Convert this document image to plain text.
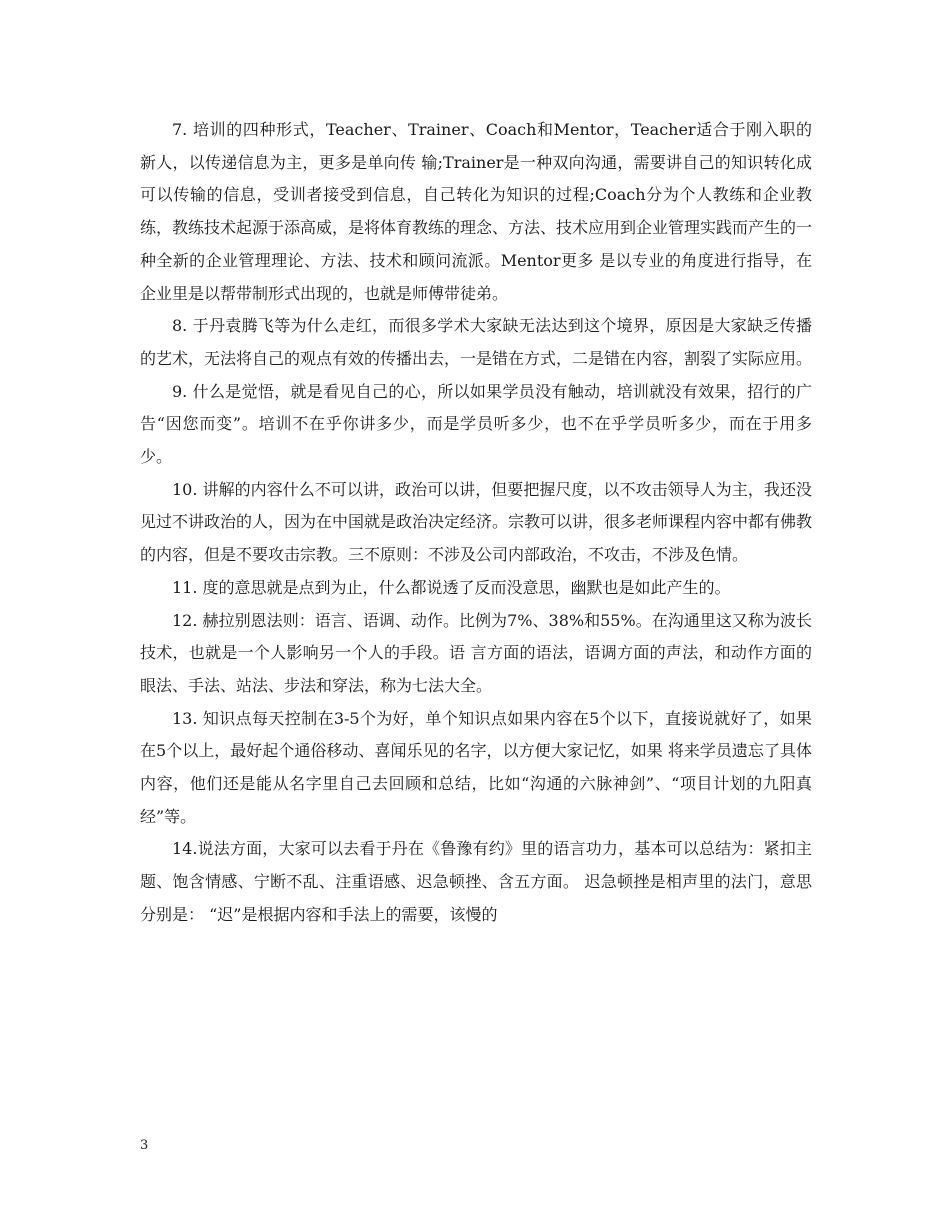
7. 培训的四种形式，Teacher、Trainer、Coach和Mentor，Teacher适合于刚入职的新人，以传递信息为主，更多是单向传 输;Trainer是一种双向沟通，需要讲自己的知识转化成可以传输的信息，受训者接受到信息，自己转化为知识的过程;Coach分为个人教练和企业教 练，教练技术起源于添高威，是将体育教练的理念、方法、技术应用到企业管理实践而产生的一种全新的企业管理理论、方法、技术和顾问流派。Mentor更多 是以专业的角度进行指导，在企业里是以帮带制形式出现的，也就是师傅带徒弟。

8. 于丹袁腾飞等为什么走红，而很多学术大家缺无法达到这个境界，原因是大家缺乏传播的艺术，无法将自己的观点有效的传播出去，一是错在方式，二是错在内容，割裂了实际应用。

9. 什么是觉悟，就是看见自己的心，所以如果学员没有触动，培训就没有效果，招行的广告“因您而变”。培训不在乎你讲多少，而是学员听多少，也不在乎学员听多少，而在于用多少。

10. 讲解的内容什么不可以讲，政治可以讲，但要把握尺度，以不攻击领导人为主，我还没见过不讲政治的人，因为在中国就是政治决定经济。宗教可以讲，很多老师课程内容中都有佛教的内容，但是不要攻击宗教。三不原则：不涉及公司内部政治，不攻击，不涉及色情。

11. 度的意思就是点到为止，什么都说透了反而没意思，幽默也是如此产生的。

12. 赫拉别恩法则：语言、语调、动作。比例为7%、38%和55%。在沟通里这又称为波长技术，也就是一个人影响另一个人的手段。语 言方面的语法，语调方面的声法，和动作方面的眼法、手法、站法、步法和穿法，称为七法大全。

13. 知识点每天控制在3-5个为好，单个知识点如果内容在5个以下，直接说就好了，如果在5个以上，最好起个通俗移动、喜闻乐见的名字，以方便大家记忆，如果 将来学员遗忘了具体内容，他们还是能从名字里自己去回顾和总结，比如“沟通的六脉神剑”、“项目计划的九阳真经”等。

14.说法方面，大家可以去看于丹在《鲁豫有约》里的语言功力，基本可以总结为：紧扣主题、饱含情感、宁断不乱、注重语感、迟急顿挫、含五方面。 迟急顿挫是相声里的法门，意思分别是： “迟”是根据内容和手法上的需要，该慢的

3
